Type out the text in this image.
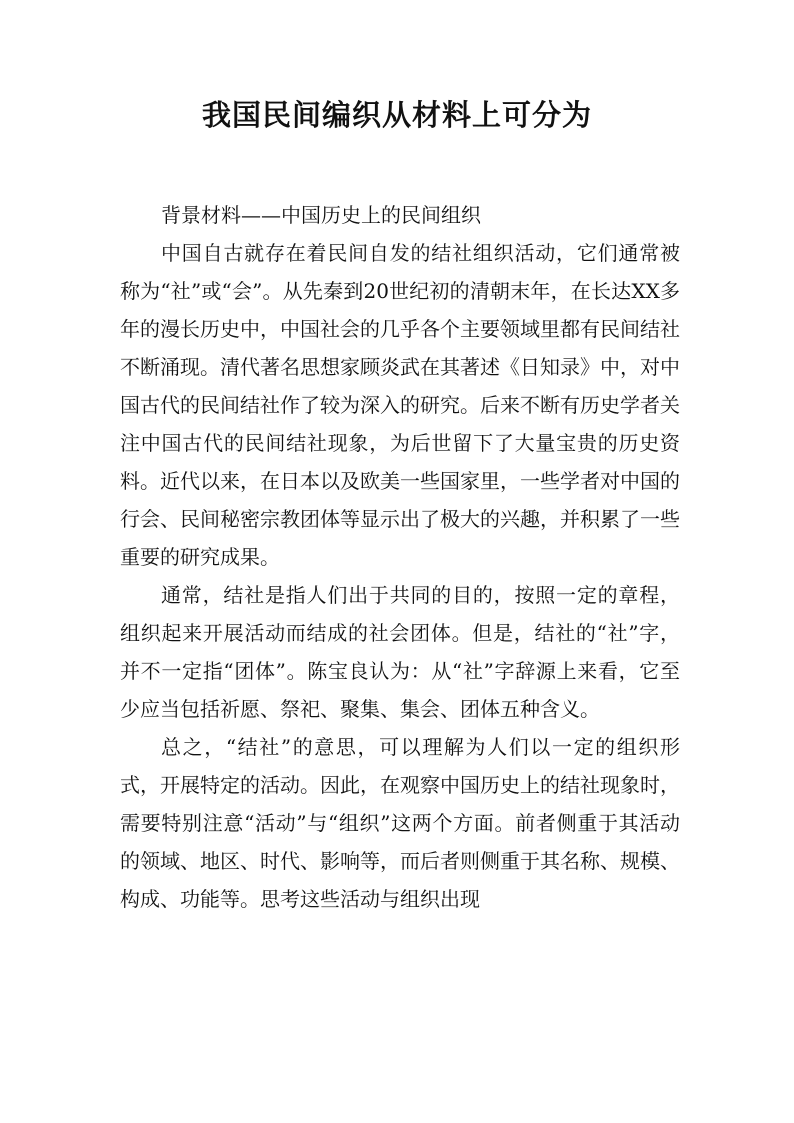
我国民间编织从材料上可分为

背景材料——中国历史上的民间组织

中国自古就存在着民间自发的结社组织活动，它们通常被称为“社”或“会”。从先秦到20世纪初的清朝末年，在长达XX多年的漫长历史中，中国社会的几乎各个主要领域里都有民间结社不断涌现。清代著名思想家顾炎武在其著述《日知录》中，对中国古代的民间结社作了较为深入的研究。后来不断有历史学者关注中国古代的民间结社现象，为后世留下了大量宝贵的历史资料。近代以来，在日本以及欧美一些国家里，一些学者对中国的行会、民间秘密宗教团体等显示出了极大的兴趣，并积累了一些重要的研究成果。

通常，结社是指人们出于共同的目的，按照一定的章程，组织起来开展活动而结成的社会团体。但是，结社的“社”字，并不一定指“团体”。陈宝良认为：从“社”字辞源上来看，它至少应当包括祈愿、祭祀、聚集、集会、团体五种含义。

总之，“结社”的意思，可以理解为人们以一定的组织形式，开展特定的活动。因此，在观察中国历史上的结社现象时，需要特别注意“活动”与“组织”这两个方面。前者侧重于其活动的领域、地区、时代、影响等，而后者则侧重于其名称、规模、构成、功能等。思考这些活动与组织出现
